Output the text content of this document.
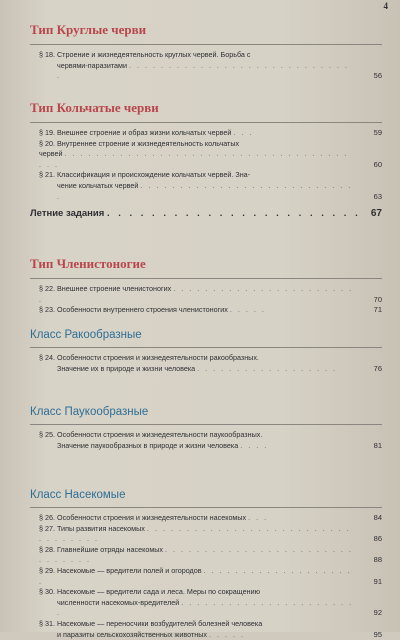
4
Тип Круглые черви
§ 18. Строение и жизнедеятельность круглых червей. Борьба с
червями-паразитами . . . . . . . . . . . . . . . . . . . . . . . . . . . . .	56
Тип Кольчатые черви
§ 19. Внешнее строение и образ жизни кольчатых червей . . .	59
§ 20. Внутреннее строение и жизнедеятельность кольчатых
червей . . . . . . . . . . . . . . . . . . . . . . . . . . . . . . . . . . . . . . .	60
§ 21. Классификация и происхождение кольчатых червей. Зна-
чение кольчатых червей . . . . . . . . . . . . . . . . . . . . . . . . . . . .	63
Летние задания . . . . . . . . . . . . . . . . . . . . . . . 67
Тип Членистоногие
§ 22. Внешнее строение членистоногих . . . . . . . . . . . . . . . . . . . . . . . .	70
§ 23. Особенности внутреннего строения членистоногих . . . . .	71
Класс Ракообразные
§ 24. Особенности строения и жизнедеятельности ракообразных.
Значение их в природе и жизни человека . . . . . . . . . . . . . . . . . .	76
Класс Паукообразные
§ 25. Особенности строения и жизнедеятельности паукообразных.
Значение паукообразных в природе и жизни человека . . . .	81
Класс Насекомые
§ 26. Особенности строения и жизнедеятельности насекомых . . .	84
§ 27. Типы развития насекомых . . . . . . . . . . . . . . . . . . . . . . . . . . . . . . . . . .	86
§ 28. Главнейшие отряды насекомых . . . . . . . . . . . . . . . . . . . . . . . . . . . . . . .	88
§ 29. Насекомые — вредители полей и огородов . . . . . . . . . . . . . . . . . . . .	91
§ 30. Насекомые — вредители сада и леса. Меры по сокращению
численности насекомых-вредителей . . . . . . . . . . . . . . . . . . . . . . .	92
§ 31. Насекомые — переносчики возбудителей болезней человека
и паразиты сельскохозяйственных животных . . . . .	95
